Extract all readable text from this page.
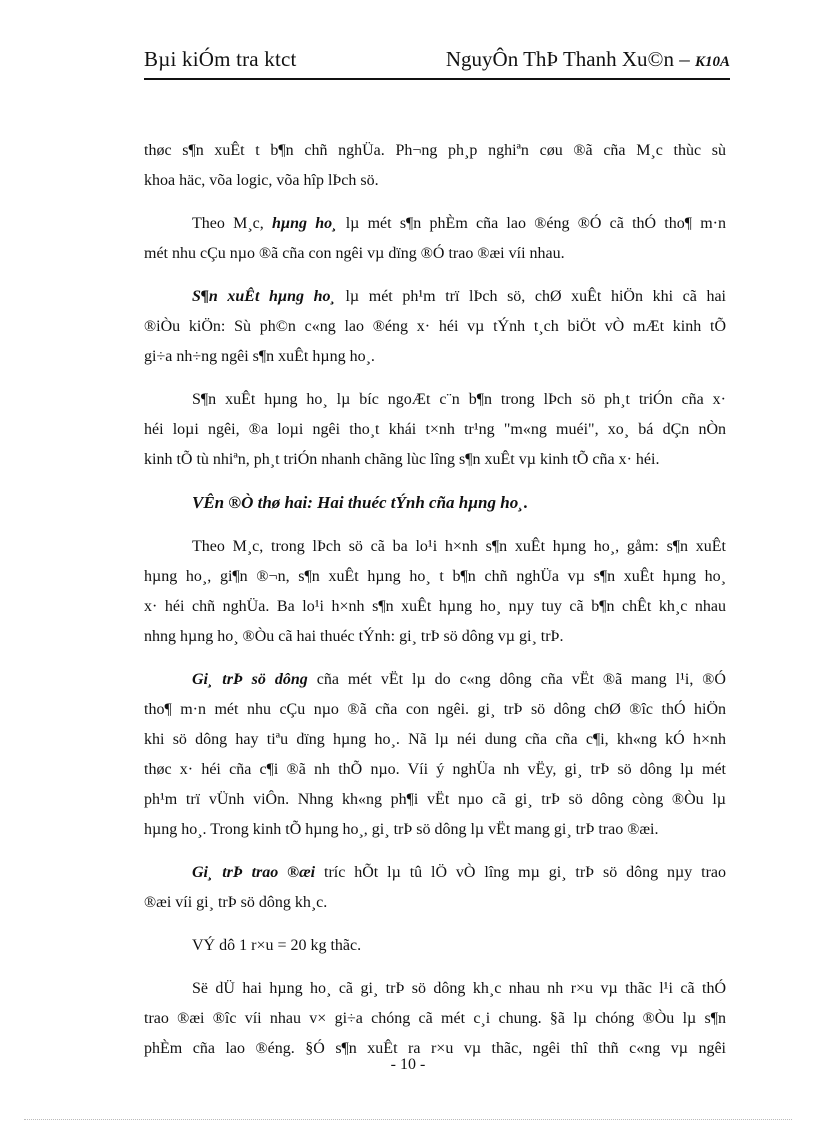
Bµi kiÓm tra ktct	NguyÔn ThÞ Thanh Xu©n – K10A
thøc s¶n xuÊt t b¶n chñ nghÜa. Ph¬ng ph¸p nghiªn cøu ®ã cña M¸c thùc sù
khoa häc, võa logic, võa hîp lÞch sö.
Theo M¸c, hµng ho¸ lµ mét s¶n phÈm cña lao ®éng ®Ó cã thÓ tho¶ m·n
mét nhu cÇu nµo ®ã cña con ngêi vµ dïng ®Ó trao ®æi víi nhau.
S¶n xuÊt hµng ho¸ lµ mét ph¹m trï lÞch sö, chØ xuÊt hiÖn khi cã hai
®iÒu kiÖn: Sù ph©n c«ng lao ®éng x· héi vµ tÝnh t¸ch biÖt vÒ mÆt kinh tÕ
gi÷a nh÷ng ngêi s¶n xuÊt hµng ho¸.
S¶n xuÊt hµng ho¸ lµ bíc ngoÆt c¨n b¶n trong lÞch sö ph¸t triÓn cña x·
héi loµi ngêi, ®a loµi ngêi tho¸t khái t×nh tr¹ng "m«ng muéi", xo¸ bá dÇn nÒn
kinh tÕ tù nhiªn, ph¸t triÓn nhanh chãng lùc lîng s¶n xuÊt vµ kinh tÕ cña x· héi.
VÊn ®Ò thø hai: Hai thuéc tÝnh cña hµng ho¸.
Theo M¸c, trong lÞch sö cã ba lo¹i h×nh s¶n xuÊt hµng ho¸, gåm: s¶n xuÊt
hµng ho¸, gi¶n ®¬n, s¶n xuÊt hµng ho¸ t b¶n chñ nghÜa vµ s¶n xuÊt hµng ho¸
x· héi chñ nghÜa. Ba lo¹i h×nh s¶n xuÊt hµng ho¸ nµy tuy cã b¶n chÊt kh¸c nhau
nhng hµng ho¸ ®Òu cã hai thuéc tÝnh: gi¸ trÞ sö dông vµ gi¸ trÞ.
Gi¸ trÞ sö dông cña mét vËt lµ do c«ng dông cña vËt ®ã mang l¹i, ®Ó
tho¶ m·n mét nhu cÇu nµo ®ã cña con ngêi. gi¸ trÞ sö dông chØ ®îc thÓ hiÖn
khi sö dông hay tiªu dïng hµng ho¸. Nã lµ néi dung cña cña c¶i, kh«ng kÓ h×nh
thøc x· héi cña c¶i ®ã nh thÕ nµo. Víi ý nghÜa nh vËy, gi¸ trÞ sö dông lµ mét
ph¹m trï vÜnh viÔn. Nhng kh«ng ph¶i vËt nµo cã gi¸ trÞ sö dông còng ®Òu lµ
hµng ho¸. Trong kinh tÕ hµng ho¸, gi¸ trÞ sö dông lµ vËt mang gi¸ trÞ trao ®æi.
Gi¸ trÞ trao ®æi tríc hÕt lµ tû lÖ vÒ lîng mµ gi¸ trÞ sö dông nµy trao
®æi víi gi¸ trÞ sö dông kh¸c.
VÝ dô 1 r×u = 20 kg thãc.
Së dÜ hai hµng ho¸ cã gi¸ trÞ sö dông kh¸c nhau nh r×u vµ thãc l¹i cã thÓ
trao ®æi ®îc víi nhau v× gi÷a chóng cã mét c¸i chung. §ã lµ chóng ®Òu lµ s¶n
phÈm cña lao ®éng. §Ó s¶n xuÊt ra r×u vµ thãc, ngêi thî thñ c«ng vµ ngêi
- 10 -
